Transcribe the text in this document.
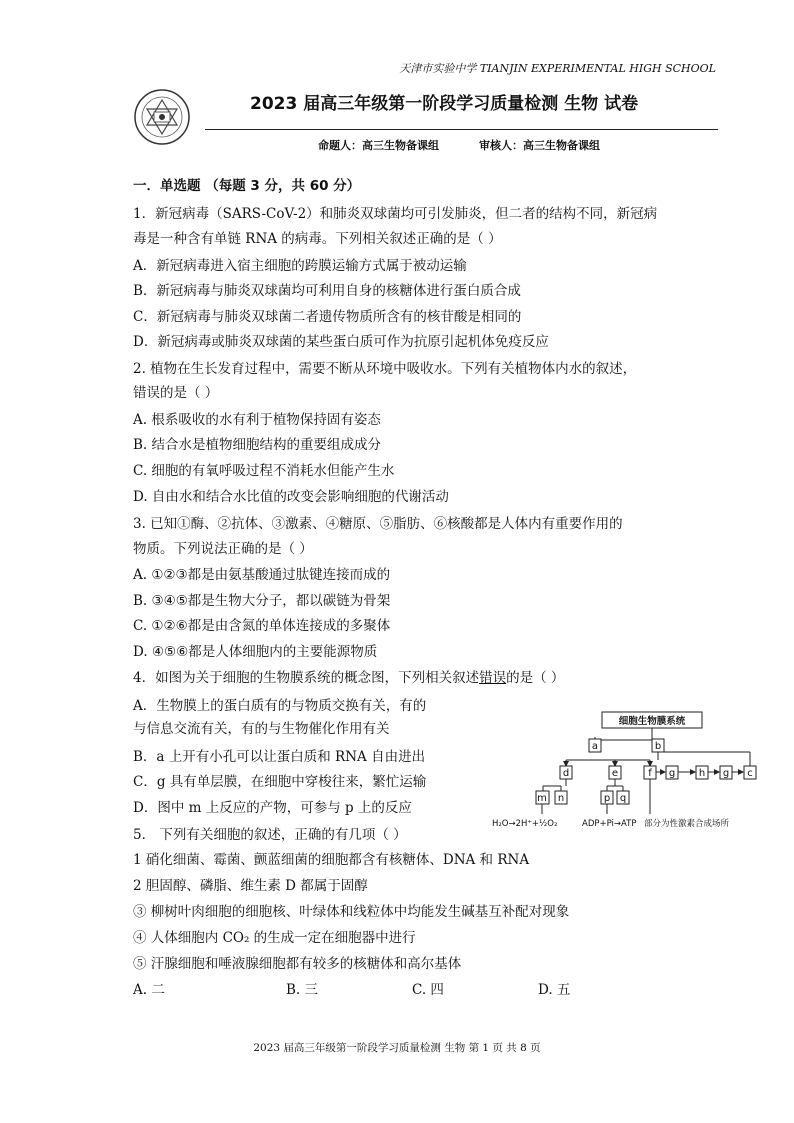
天津市实验中学 TIANJIN EXPERIMENTAL HIGH SCHOOL
2023 届高三年级第一阶段学习质量检测 生物 试卷
命题人：高三生物备课组	审核人：高三生物备课组
一．单选题 （每题 3 分，共 60 分）
1．新冠病毒（SARS-CoV-2）和肺炎双球菌均可引发肺炎，但二者的结构不同，新冠病
毒是一种含有单链 RNA 的病毒。下列相关叙述正确的是（ ）
A．新冠病毒进入宿主细胞的跨膜运输方式属于被动运输
B．新冠病毒与肺炎双球菌均可利用自身的核糖体进行蛋白质合成
C．新冠病毒与肺炎双球菌二者遗传物质所含有的核苷酸是相同的
D．新冠病毒或肺炎双球菌的某些蛋白质可作为抗原引起机体免疫反应
2. 植物在生长发育过程中，需要不断从环境中吸收水。下列有关植物体内水的叙述，
错误的是（ ）
A. 根系吸收的水有利于植物保持固有姿态
B. 结合水是植物细胞结构的重要组成成分
C. 细胞的有氧呼吸过程不消耗水但能产生水
D. 自由水和结合水比值的改变会影响细胞的代谢活动
3. 已知①酶、②抗体、③激素、④糖原、⑤脂肪、⑥核酸都是人体内有重要作用的
物质。下列说法正确的是（ ）
A. ①②③都是由氨基酸通过肽键连接而成的
B. ③④⑤都是生物大分子，都以碳链为骨架
C. ①②⑥都是由含氮的单体连接成的多聚体
D. ④⑤⑥都是人体细胞内的主要能源物质
4．如图为关于细胞的生物膜系统的概念图，下列相关叙述错误的是（ ）
A．生物膜上的蛋白质有的与物质交换有关，有的
与信息交流有关，有的与生物催化作用有关
B．a 上开有小孔可以让蛋白质和 RNA 自由进出
C．g 具有单层膜，在细胞中穿梭往来，繁忙运输
D．图中 m 上反应的产物，可参与 p 上的反应
细胞生物膜系统
a	b
d	e	f g h g c
m n	p q
H₂O→2H⁺+½O₂	ADP+Pi→ATP 部分为性激素合成场所
5． 下列有关细胞的叙述，正确的有几项（ ）
1 硝化细菌、霉菌、颤蓝细菌的细胞都含有核糖体、DNA 和 RNA
2 胆固醇、磷脂、维生素 D 都属于固醇
③ 柳树叶肉细胞的细胞核、叶绿体和线粒体中均能发生碱基互补配对现象
④ 人体细胞内 CO₂ 的生成一定在细胞器中进行
⑤ 汗腺细胞和唾液腺细胞都有较多的核糖体和高尔基体
A. 二	B. 三	C. 四	D. 五
2023 届高三年级第一阶段学习质量检测 生物 第 1 页 共 8 页
